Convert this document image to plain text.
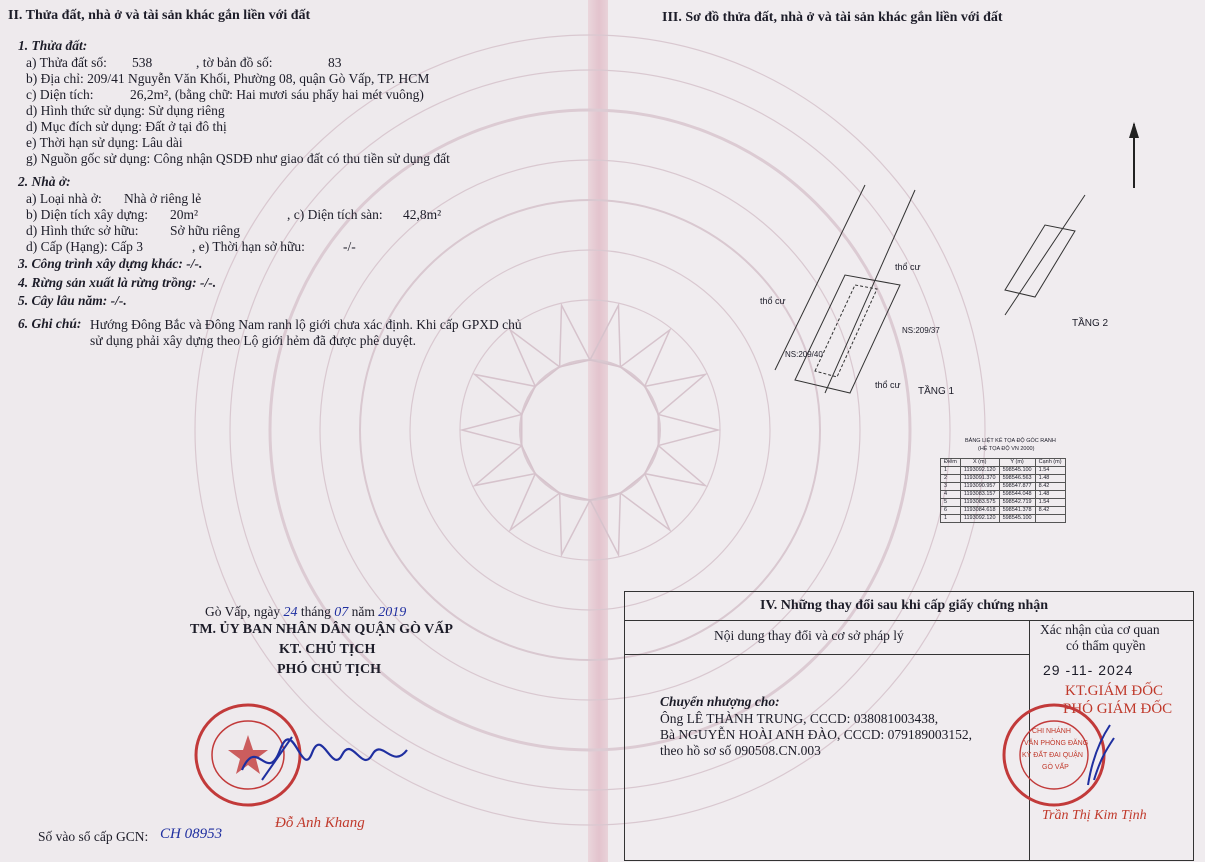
II. Thửa đất, nhà ở và tài sản khác gắn liền với đất
1. Thửa đất:
a) Thửa đất số: 538	, tờ bản đồ số:	83
b) Địa chỉ: 209/41 Nguyễn Văn Khối, Phường 08, quận Gò Vấp, TP. HCM
c) Diện tích:	26,2m², (bằng chữ: Hai mươi sáu phẩy hai mét vuông)
d) Hình thức sử dụng: Sử dụng riêng
d) Mục đích sử dụng: Đất ở tại đô thị
e) Thời hạn sử dụng: Lâu dài
g) Nguồn gốc sử dụng: Công nhận QSDĐ như giao đất có thu tiền sử dụng đất
2. Nhà ở:
a) Loại nhà ở: Nhà ở riêng lẻ
b) Diện tích xây dựng: 20m²	, c) Diện tích sàn: 42,8m²
d) Hình thức sở hữu: Sở hữu riêng
d) Cấp (Hạng): Cấp 3	, e) Thời hạn sở hữu:	-/-
3. Công trình xây dựng khác: -/-.
4. Rừng sản xuất là rừng trồng: -/-.
5. Cây lâu năm: -/-.
6. Ghi chú: Hướng Đông Bắc và Đông Nam ranh lộ giới chưa xác định. Khi cấp GPXD chủ
sử dụng phải xây dựng theo Lộ giới hẻm đã được phê duyệt.
Gò Vấp, ngày 24 tháng 07 năm 2019
TM. ỦY BAN NHÂN DÂN QUẬN GÒ VẤP
KT. CHỦ TỊCH
PHÓ CHỦ TỊCH
Đỗ Anh Khang
Số vào sổ cấp GCN: CH 08953
III. Sơ đồ thửa đất, nhà ở và tài sản khác gắn liền với đất
thổ cư
thổ cư
thổ cư
NS:209/40
NS:209/37
TẦNG 1
TẦNG 2
BẢNG LIỆT KÊ TỌA ĐỘ GÓC RANH
(HỆ TỌA ĐỘ VN 2000)
Điểm	X (m)	Y (m)	Cạnh (m)
1	1193092.120	598545.100	1.54
2	1193091.370	598546.563	1.48
3	1193090.957	598547.877	8.42
4	1193083.157	598544.048	1.48
5	1193083.575	598542.719	1.54
6	1193084.618	598541.378	8.42
1	1193092.120	598545.100	
IV. Những thay đổi sau khi cấp giấy chứng nhận
Nội dung thay đổi và cơ sở pháp lý	Xác nhận của cơ quan
có thẩm quyền
Chuyển nhượng cho:
Ông LÊ THÀNH TRUNG, CCCD: 038081003438,
Bà NGUYỄN HOÀI ANH ĐÀO, CCCD: 079189003152,
theo hồ sơ số 090508.CN.003
29 -11- 2024
KT.GIÁM ĐỐC
PHÓ GIÁM ĐỐC
CHI NHÁNH
VĂN PHÒNG ĐĂNG
KÝ ĐẤT ĐAI QUẬN
GÒ VẤP
Trần Thị Kim Tịnh
